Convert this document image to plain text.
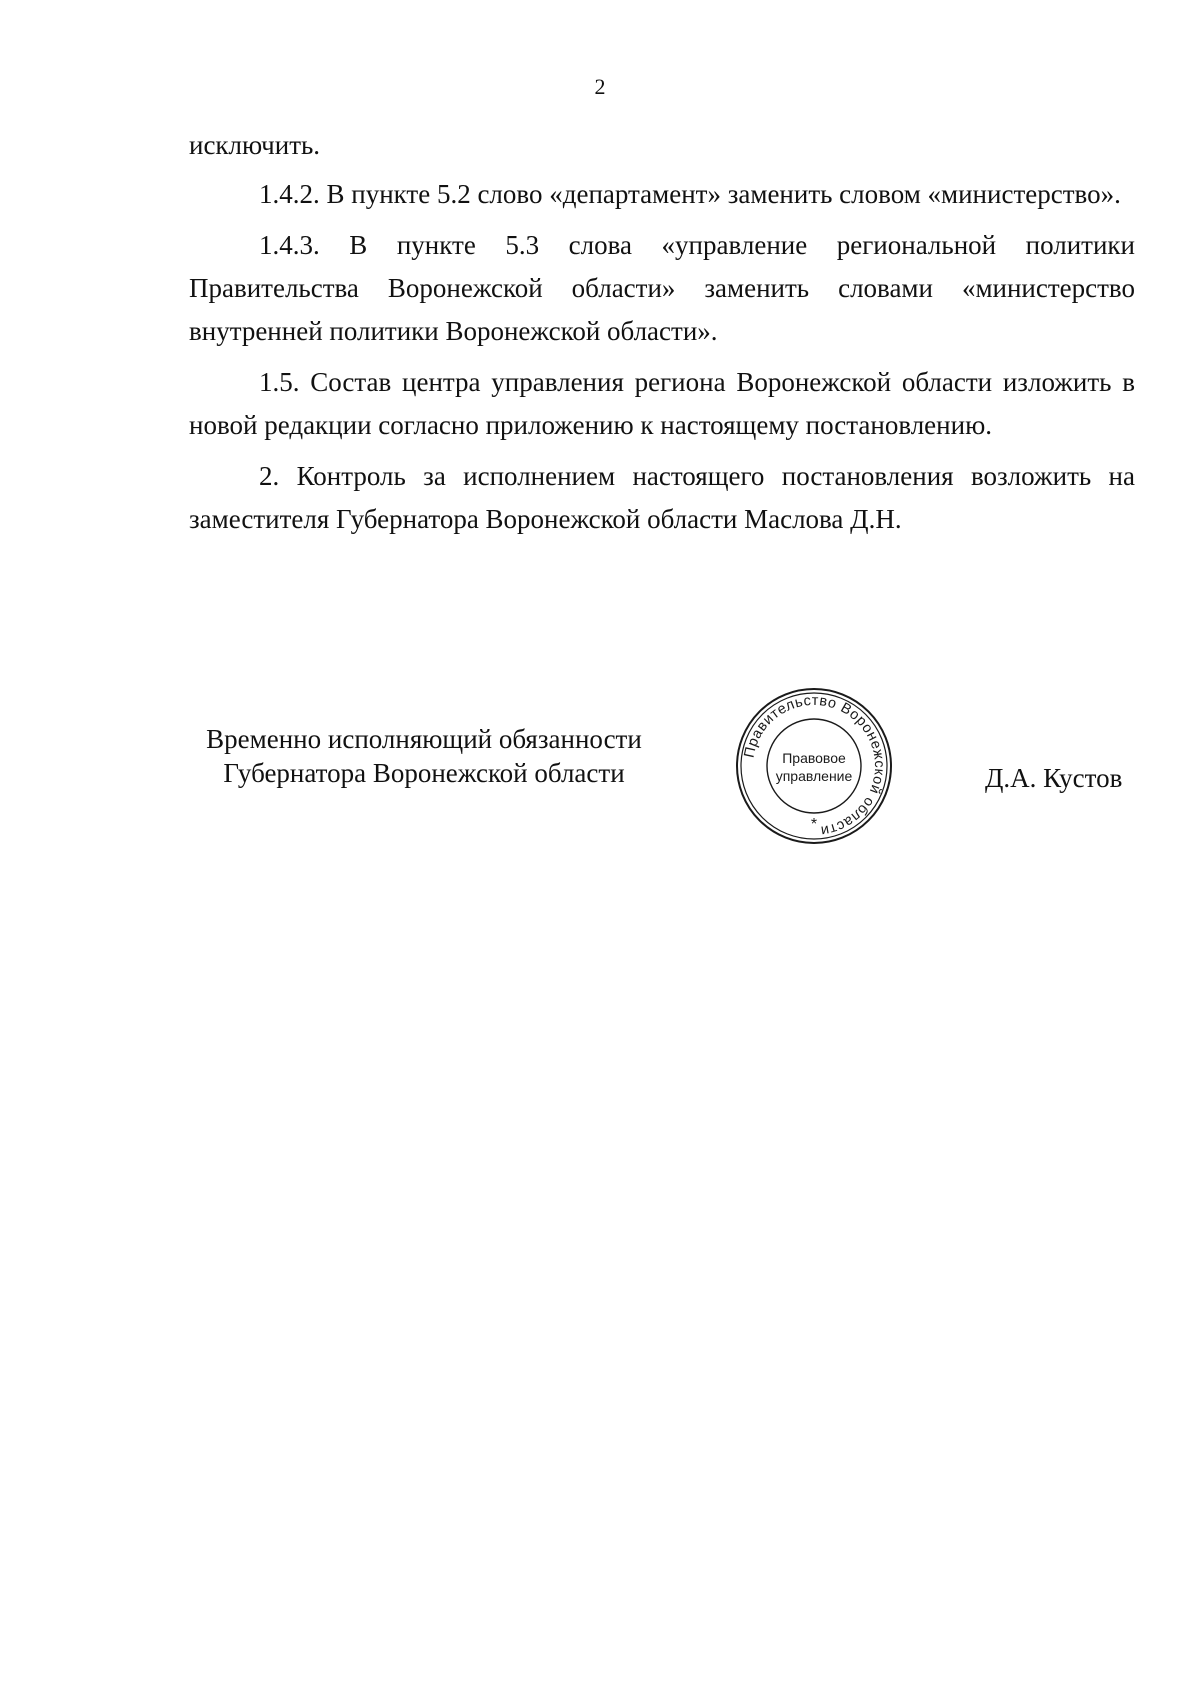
2

исключить.

1.4.2. В пункте 5.2 слово «департамент» заменить словом «министерство».

1.4.3. В пункте 5.3 слова «управление региональной политики Правительства Воронежской области» заменить словами «министерство внутренней политики Воронежской области».

1.5. Состав центра управления региона Воронежской области изложить в новой редакции согласно приложению к настоящему постановлению.

2. Контроль за исполнением настоящего постановления возложить на заместителя Губернатора Воронежской области Маслова Д.Н.

Временно исполняющий обязанности
Губернатора Воронежской области
Правительство Воронежской области
Правовое
управление
*
Д.А. Кустов
